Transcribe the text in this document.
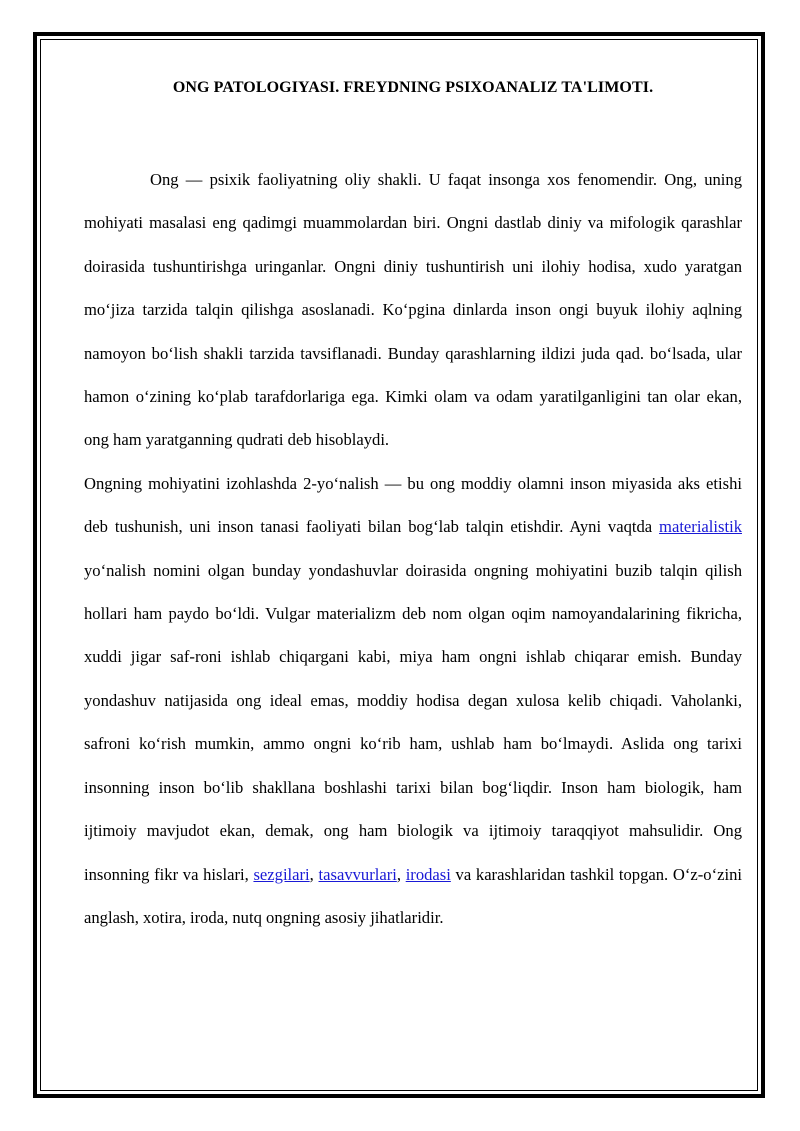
ONG PATOLOGIYASI. FREYDNING PSIXOANALIZ TA'LIMOTI.

Ong — psixik faoliyatning oliy shakli. U faqat insonga xos fenomendir. Ong, uning mohiyati masalasi eng qadimgi muammolardan biri. Ongni dastlab diniy va mifologik qarashlar doirasida tushuntirishga uringanlar. Ongni diniy tushuntirish uni ilohiy hodisa, xudo yaratgan mo‘jiza tarzida talqin qilishga asoslanadi. Ko‘pgina dinlarda inson ongi buyuk ilohiy aqlning namoyon bo‘lish shakli tarzida tavsiflanadi. Bunday qarashlarning ildizi juda qad. bo‘lsada, ular hamon o‘zining ko‘plab tarafdorlariga ega. Kimki olam va odam yaratilganligini tan olar ekan, ong ham yaratganning qudrati deb hisoblaydi.

Ongning mohiyatini izohlashda 2-yo‘nalish — bu ong moddiy olamni inson miyasida aks etishi deb tushunish, uni inson tanasi faoliyati bilan bog‘lab talqin etishdir. Ayni vaqtda materialistik yo‘nalish nomini olgan bunday yondashuvlar doirasida ongning mohiyatini buzib talqin qilish hollari ham paydo bo‘ldi. Vulgar materializm deb nom olgan oqim namoyandalarining fikricha, xuddi jigar saf-roni ishlab chiqargani kabi, miya ham ongni ishlab chiqarar emish. Bunday yondashuv natijasida ong ideal emas, moddiy hodisa degan xulosa kelib chiqadi. Vaholanki, safroni ko‘rish mumkin, ammo ongni ko‘rib ham, ushlab ham bo‘lmaydi. Aslida ong tarixi insonning inson bo‘lib shakllana boshlashi tarixi bilan bog‘liqdir. Inson ham biologik, ham ijtimoiy mavjudot ekan, demak, ong ham biologik va ijtimoiy taraqqiyot mahsulidir. Ong insonning fikr va hislari, sezgilari, tasavvurlari, irodasi va karashlaridan tashkil topgan. O‘z-o‘zini anglash, xotira, iroda, nutq ongning asosiy jihatlaridir.
